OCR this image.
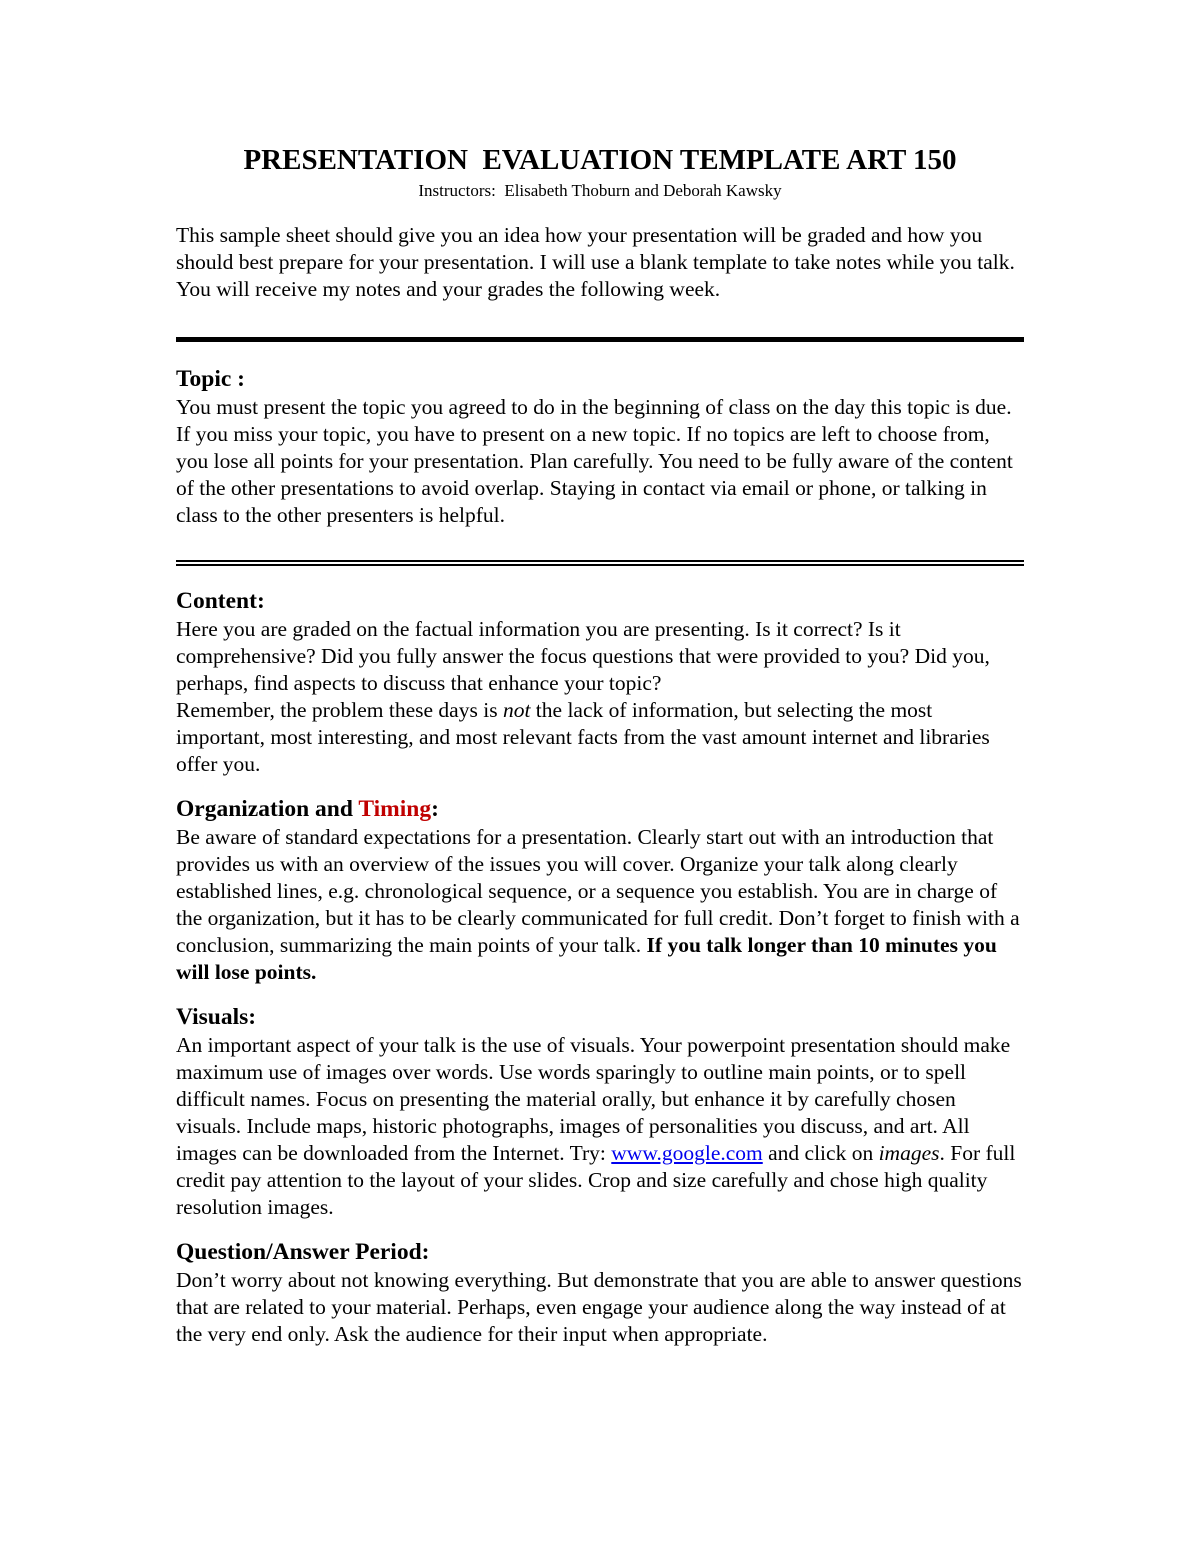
PRESENTATION  EVALUATION TEMPLATE ART 150
Instructors:  Elisabeth Thoburn and Deborah Kawsky

This sample sheet should give you an idea how your presentation will be graded and how you should best prepare for your presentation. I will use a blank template to take notes while you talk. You will receive my notes and your grades the following week.

Topic :

You must present the topic you agreed to do in the beginning of class on the day this topic is due. If you miss your topic, you have to present on a new topic. If no topics are left to choose from, you lose all points for your presentation. Plan carefully. You need to be fully aware of the content of the other presentations to avoid overlap. Staying in contact via email or phone, or talking in class to the other presenters is helpful.

Content:

Here you are graded on the factual information you are presenting. Is it correct? Is it comprehensive? Did you fully answer the focus questions that were provided to you? Did you, perhaps, find aspects to discuss that enhance your topic?

Remember, the problem these days is not the lack of information, but selecting the most important, most interesting, and most relevant facts from the vast amount internet and libraries offer you.

Organization and Timing:

Be aware of standard expectations for a presentation. Clearly start out with an introduction that provides us with an overview of the issues you will cover. Organize your talk along clearly established lines, e.g. chronological sequence, or a sequence you establish. You are in charge of the organization, but it has to be clearly communicated for full credit. Don’t forget to finish with a conclusion, summarizing the main points of your talk. If you talk longer than 10 minutes you will lose points.

Visuals:

An important aspect of your talk is the use of visuals. Your powerpoint presentation should make maximum use of images over words. Use words sparingly to outline main points, or to spell difficult names. Focus on presenting the material orally, but enhance it by carefully chosen visuals. Include maps, historic photographs, images of personalities you discuss, and art. All images can be downloaded from the Internet. Try: www.google.com and click on images. For full credit pay attention to the layout of your slides. Crop and size carefully and chose high quality resolution images.

Question/Answer Period:

Don’t worry about not knowing everything. But demonstrate that you are able to answer questions that are related to your material. Perhaps, even engage your audience along the way instead of at the very end only. Ask the audience for their input when appropriate.
